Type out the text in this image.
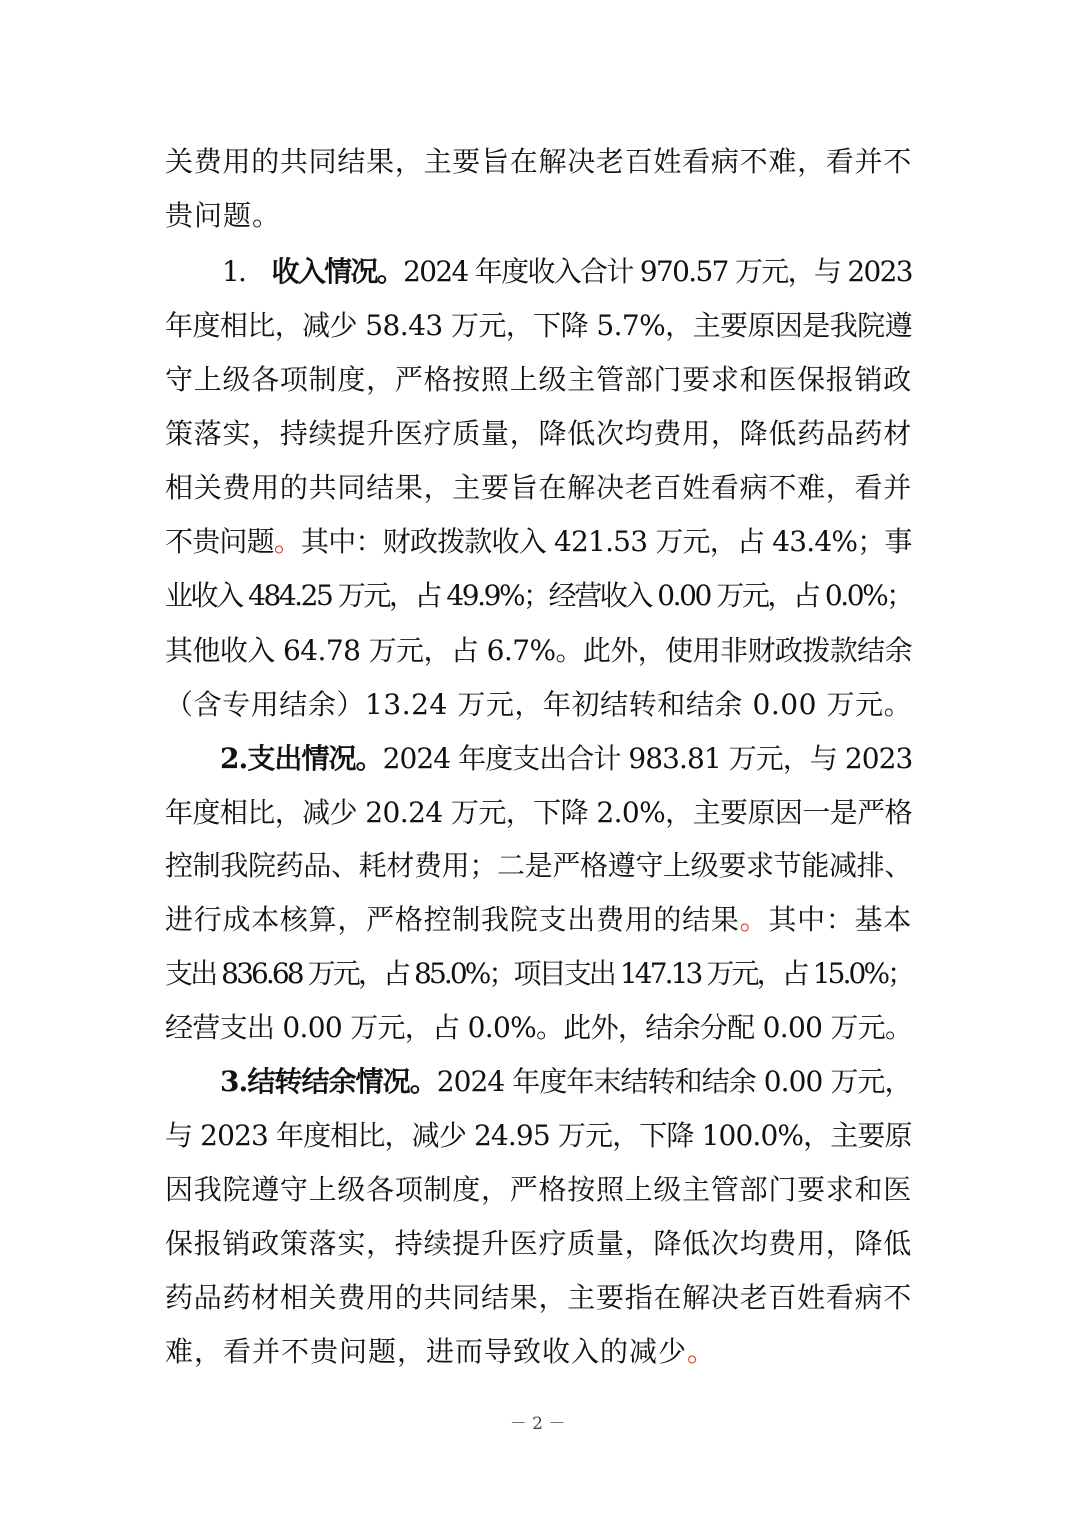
关费用的共同结果，主要旨在解决老百姓看病不难，看并不
贵问题。
1． 收入情况。2024 年度收入合计 970.57 万元，与 2023
年度相比，减少 58.43 万元，下降 5.7%，主要原因是我院遵
守上级各项制度，严格按照上级主管部门要求和医保报销政
策落实，持续提升医疗质量，降低次均费用，降低药品药材
相关费用的共同结果，主要旨在解决老百姓看病不难，看并
不贵问题。其中：财政拨款收入 421.53 万元，占 43.4%；事
业收入 484.25 万元，占 49.9%；经营收入 0.00 万元，占 0.0%；
其他收入 64.78 万元，占 6.7%。此外，使用非财政拨款结余
（含专用结余）13.24 万元，年初结转和结余 0.00 万元。
2.支出情况。2024 年度支出合计 983.81 万元，与 2023
年度相比，减少 20.24 万元，下降 2.0%，主要原因一是严格
控制我院药品、耗材费用；二是严格遵守上级要求节能减排、
进行成本核算，严格控制我院支出费用的结果。其中：基本
支出 836.68 万元，占 85.0%；项目支出 147.13 万元，占 15.0%；
经营支出 0.00 万元，占 0.0%。此外，结余分配 0.00 万元。
3.结转结余情况。2024 年度年末结转和结余 0.00 万元，
与 2023 年度相比，减少 24.95 万元，下降 100.0%，主要原
因我院遵守上级各项制度，严格按照上级主管部门要求和医
保报销政策落实，持续提升医疗质量，降低次均费用，降低
药品药材相关费用的共同结果，主要指在解决老百姓看病不
难，看并不贵问题，进而导致收入的减少。
－ 2 －
